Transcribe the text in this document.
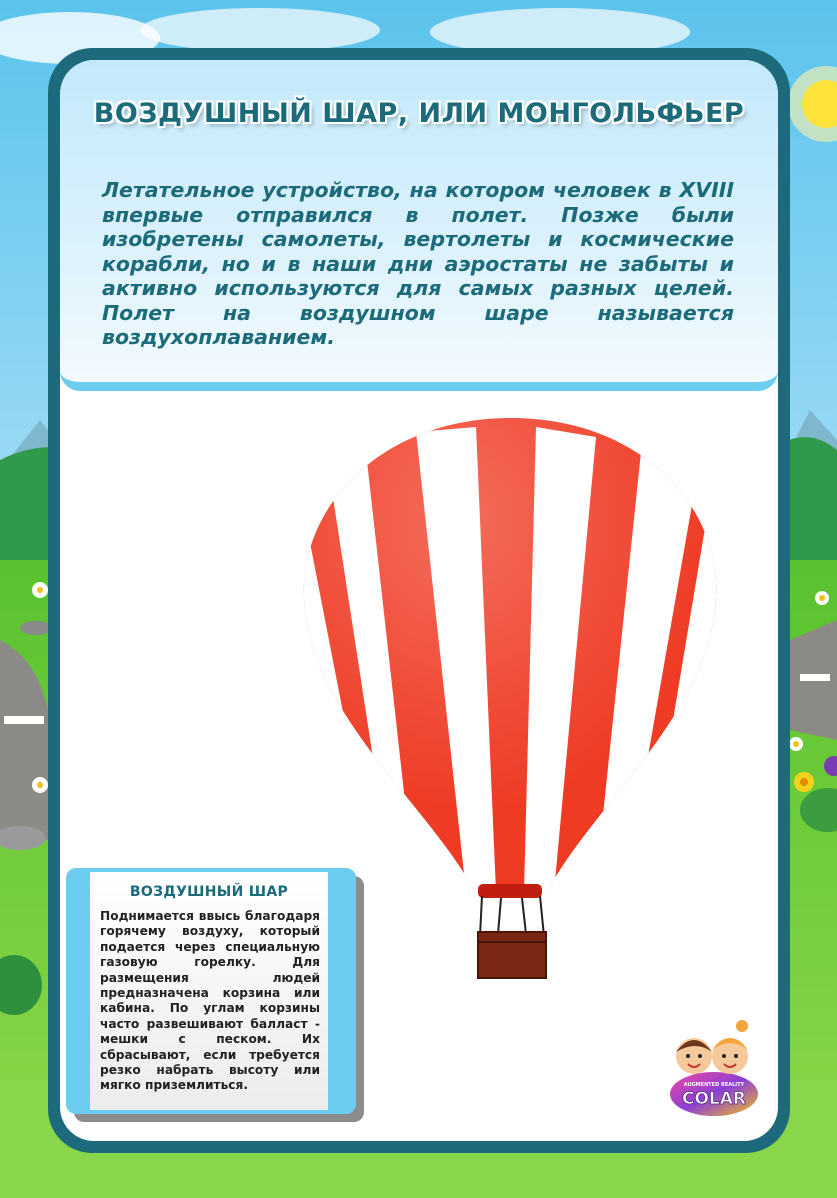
ВОЗДУШНЫЙ ШАР, ИЛИ МОНГОЛЬФЬЕР

Летательное устройство, на котором человек в XVIII впервые отправился в полет. Позже были изобретены самолеты, вертолеты и космические корабли, но и в наши дни аэростаты не забыты и активно используются для самых разных целей. Полет на воздушном шаре называется воздухоплаванием.

ВОЗДУШНЫЙ ШАР
Поднимается ввысь благодаря горячему воздуху, который подается через специальную газовую горелку. Для размещения людей предназначена корзина или кабина. По углам корзины часто развешивают балласт - мешки с песком. Их сбрасывают, если требуется резко набрать высоту или мягко приземлиться.	AUGMENTED REALITY
COLAR
